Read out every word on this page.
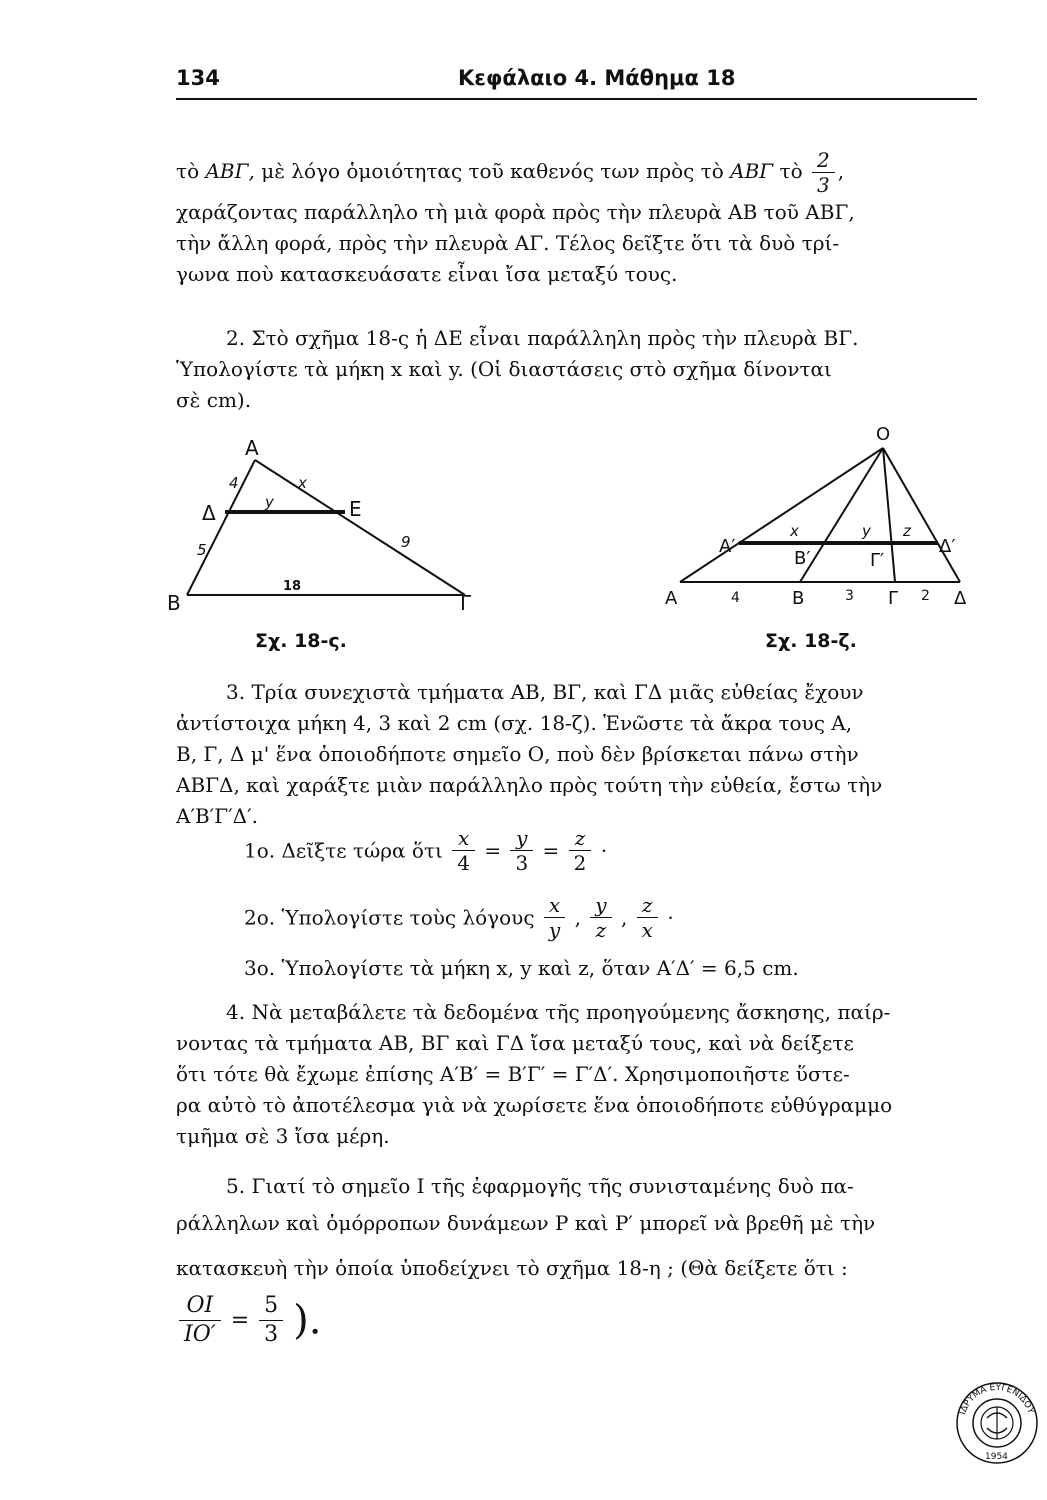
134	Κεφάλαιο 4. Μάθημα 18
τὸ ΑΒΓ, μὲ λόγο ὁμοιότητας τοῦ καθενός των πρὸς τὸ ΑΒΓ τὸ $\frac{2}{3}$ ,
χαράζοντας παράλληλο τὴ μιὰ φορὰ πρὸς τὴν πλευρὰ ΑΒ τοῦ ΑΒΓ,
τὴν ἄλλη φορά, πρὸς τὴν πλευρὰ ΑΓ. Τέλος δεῖξτε ὅτι τὰ δυὸ τρί-
γωνα ποὺ κατασκευάσατε εἶναι ἴσα μεταξύ τους.
2. Στὸ σχῆμα 18-ς ἡ ΔΕ εἶναι παράλληλη πρὸς τὴν πλευρὰ ΒΓ.
Ὑπολογίστε τὰ μήκη x καὶ y. (Οἱ διαστάσεις στὸ σχῆμα δίνονται
σὲ cm).
Α
Δ	Ε
Β	Γ
4	x
y
9
5
18
Σχ. 18-ς.
Ο
Α′	Δ′
Β′	Γ′
x	y z
Α	Β	Γ	Δ
4	3	2
Σχ. 18-ζ.
3. Τρία συνεχιστὰ τμήματα ΑΒ, ΒΓ, καὶ ΓΔ μιᾶς εὐθείας ἔχουν
ἀντίστοιχα μήκη 4, 3 καὶ 2 cm (σχ. 18-ζ). Ἑνῶστε τὰ ἄκρα τους Α,
Β, Γ, Δ μ' ἕνα ὁποιοδήποτε σημεῖο Ο, ποὺ δὲν βρίσκεται πάνω στὴν
ΑΒΓΔ, καὶ χαράξτε μιὰν παράλληλο πρὸς τούτη τὴν εὐθεία, ἔστω τὴν
Α′Β′Γ′Δ′.
1ο. Δεῖξτε τώρα ὅτι $\frac{x}{4} = \frac{y}{3} = \frac{z}{2}$ ·
2ο. Ὑπολογίστε τοὺς λόγους $\frac{x}{y}$ , $\frac{y}{z}$ , $\frac{z}{x}$ ·
3ο. Ὑπολογίστε τὰ μήκη x, y καὶ z, ὅταν Α′Δ′ = 6,5 cm.
4. Νὰ μεταβάλετε τὰ δεδομένα τῆς προηγούμενης ἄσκησης, παίρ-
νοντας τὰ τμήματα ΑΒ, ΒΓ καὶ ΓΔ ἴσα μεταξύ τους, καὶ νὰ δείξετε
ὅτι τότε θὰ ἔχωμε ἐπίσης Α′Β′ = Β′Γ′ = Γ′Δ′. Χρησιμοποιῆστε ὕστε-
ρα αὐτὸ τὸ ἀποτέλεσμα γιὰ νὰ χωρίσετε ἕνα ὁποιοδήποτε εὐθύγραμμο
τμῆμα σὲ 3 ἴσα μέρη.
5. Γιατί τὸ σημεῖο Ι τῆς ἐφαρμογῆς τῆς συνισταμένης δυὸ πα-
ράλληλων καὶ ὁμόρροπων δυνάμεων P καὶ P′ μπορεῖ νὰ βρεθῆ μὲ τὴν
κατασκευὴ τὴν ὁποία ὑποδείχνει τὸ σχῆμα 18-η ; (Θὰ δείξετε ὅτι :
$\frac{OI}{IO'} = \frac{5}{3}$ ).
ΙΔΡΥΜΑ ΕΥΓΕΝΙΔΟΥ
1954
